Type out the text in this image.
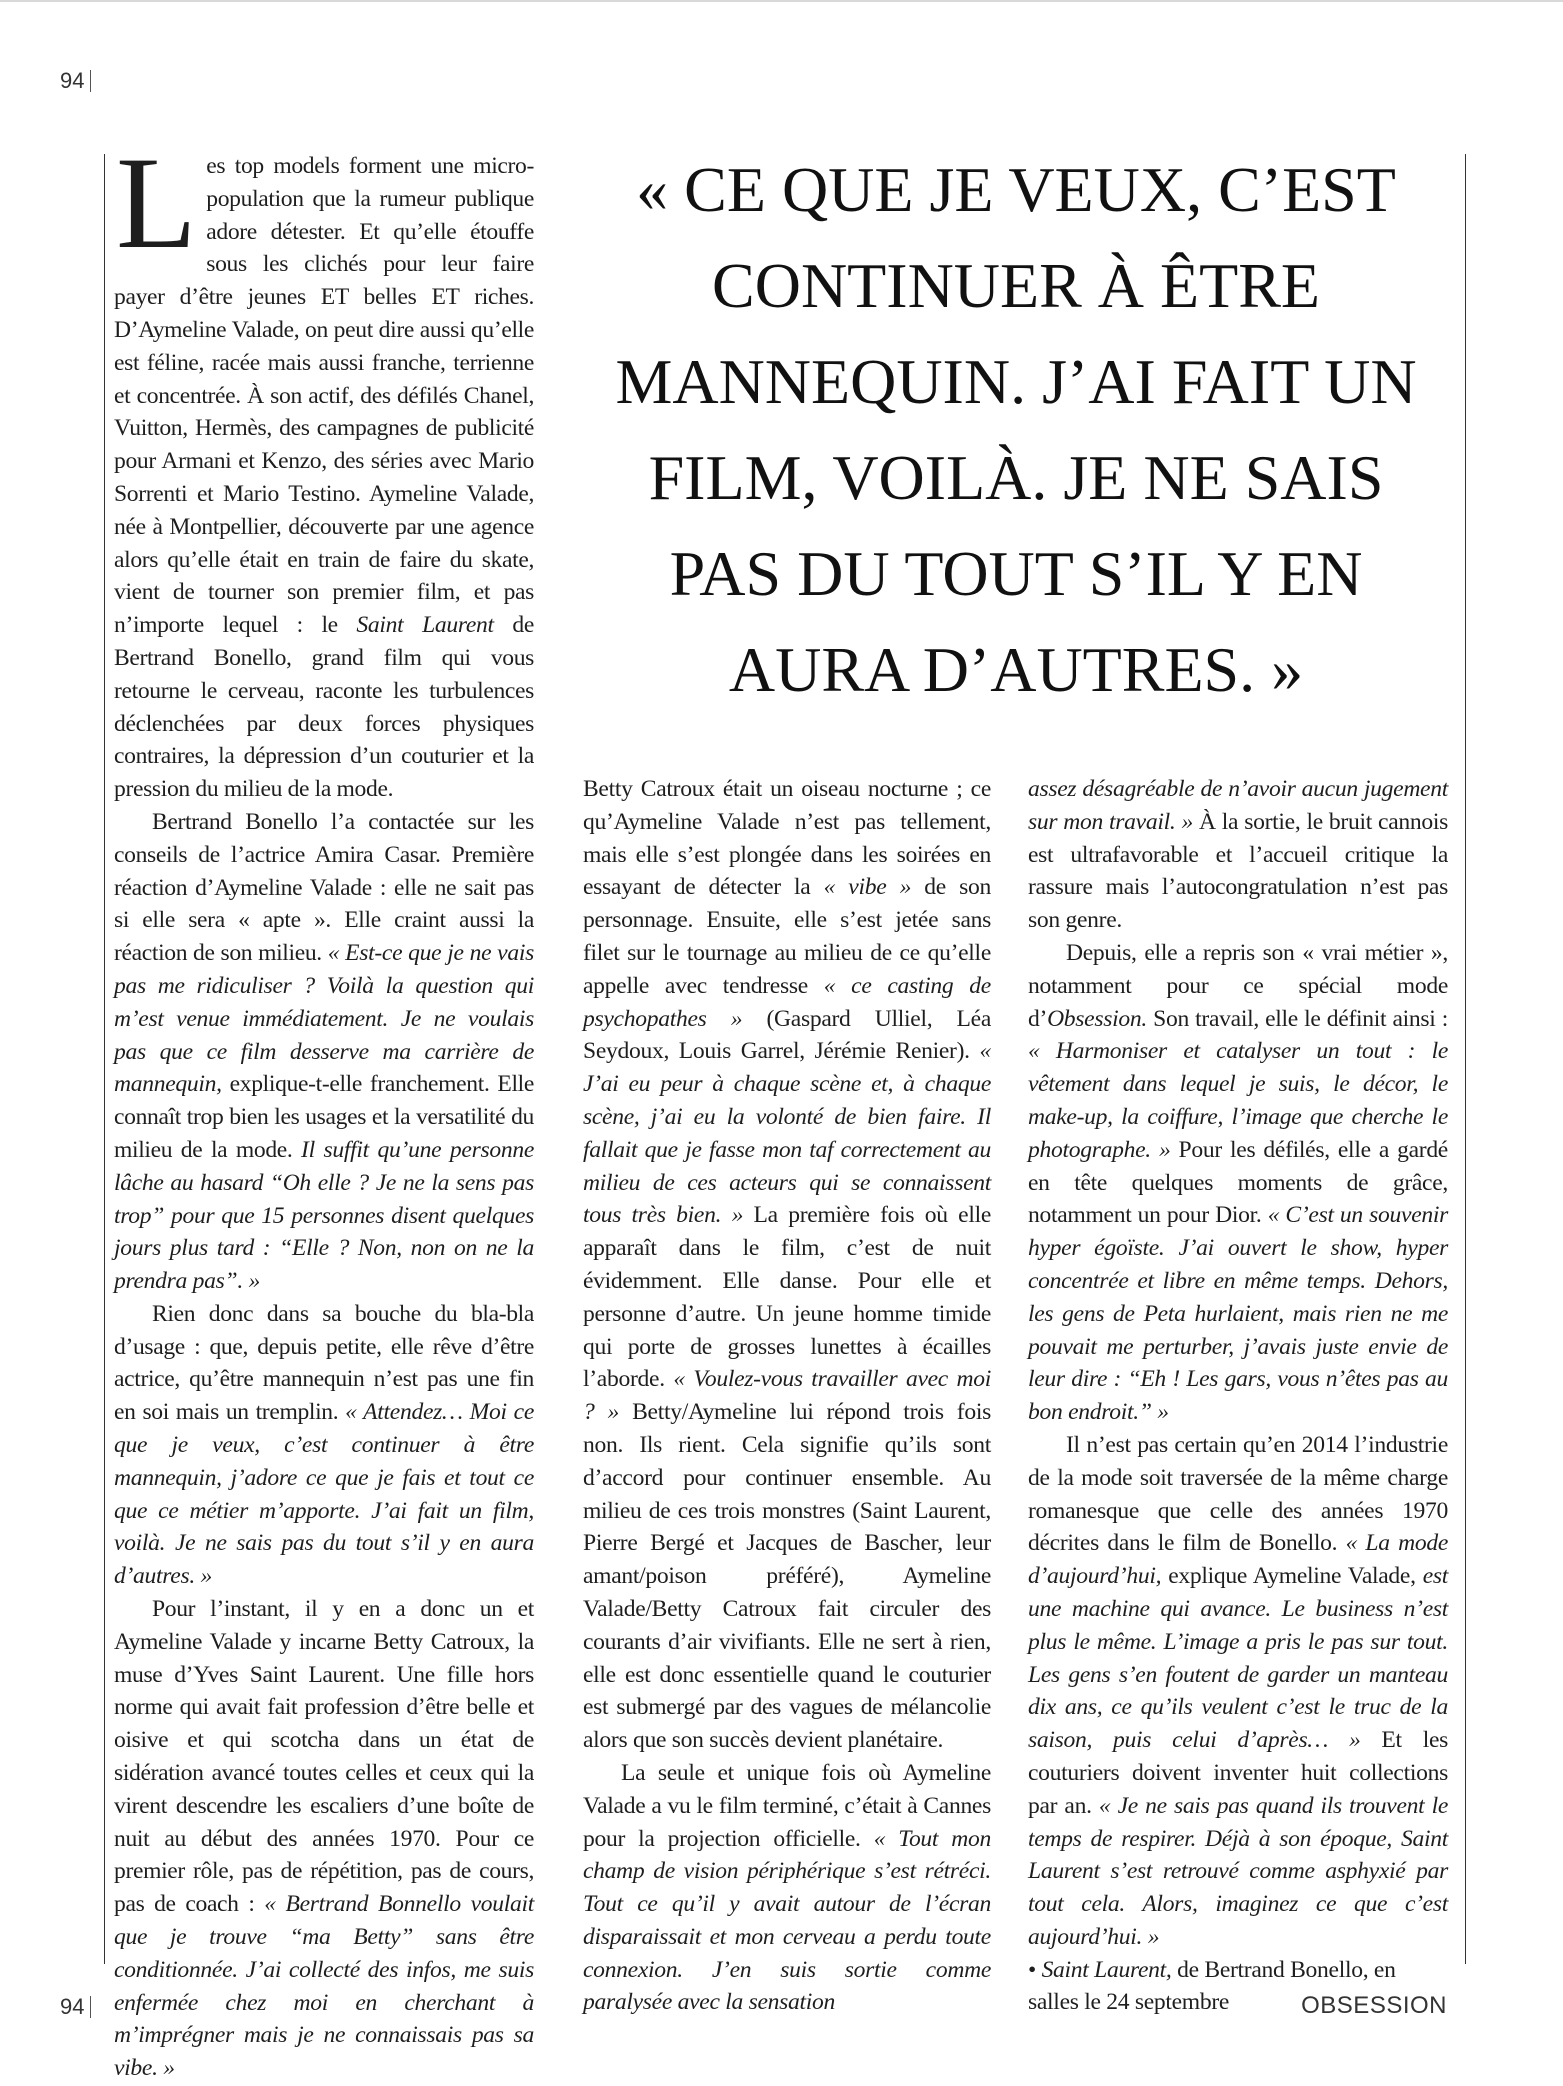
94
« CE QUE JE VEUX, C’EST CONTINUER À ÊTRE MANNEQUIN. J’AI FAIT UN FILM, VOILÀ. JE NE SAIS PAS DU TOUT S’IL Y EN AURA D’AUTRES. »

Les top models forment une micro-population que la rumeur publique adore détester. Et qu’elle étouffe sous les clichés pour leur faire payer d’être jeunes ET belles ET riches. D’Aymeline Valade, on peut dire aussi qu’elle est féline, racée mais aussi franche, terrienne et concentrée. À son actif, des défilés Chanel, Vuitton, Hermès, des campagnes de publicité pour Armani et Kenzo, des séries avec Mario Sorrenti et Mario Testino. Aymeline Valade, née à Montpellier, découverte par une agence alors qu’elle était en train de faire du skate, vient de tourner son premier film, et pas n’importe lequel : le Saint Laurent de Bertrand Bonello, grand film qui vous retourne le cerveau, raconte les turbulences déclenchées par deux forces physiques contraires, la dépression d’un couturier et la pression du milieu de la mode.

Bertrand Bonello l’a contactée sur les conseils de l’actrice Amira Casar. Première réaction d’Aymeline Valade : elle ne sait pas si elle sera « apte ». Elle craint aussi la réaction de son milieu. « Est-ce que je ne vais pas me ridiculiser ? Voilà la question qui m’est venue immédiatement. Je ne voulais pas que ce film desserve ma carrière de mannequin, explique-t-elle franchement. Elle connaît trop bien les usages et la versatilité du milieu de la mode. Il suffit qu’une personne lâche au hasard “Oh elle ? Je ne la sens pas trop” pour que 15 personnes disent quelques jours plus tard : “Elle ? Non, non on ne la prendra pas”. »

Rien donc dans sa bouche du bla-bla d’usage : que, depuis petite, elle rêve d’être actrice, qu’être mannequin n’est pas une fin en soi mais un tremplin. « Attendez… Moi ce que je veux, c’est continuer à être mannequin, j’adore ce que je fais et tout ce que ce métier m’apporte. J’ai fait un film, voilà. Je ne sais pas du tout s’il y en aura d’autres. »

Pour l’instant, il y en a donc un et Aymeline Valade y incarne Betty Catroux, la muse d’Yves Saint Laurent. Une fille hors norme qui avait fait profession d’être belle et oisive et qui scotcha dans un état de sidération avancé toutes celles et ceux qui la virent descendre les escaliers d’une boîte de nuit au début des années 1970. Pour ce premier rôle, pas de répétition, pas de cours, pas de coach : « Bertrand Bonnello voulait que je trouve “ma Betty” sans être conditionnée. J’ai collecté des infos, me suis enfermée chez moi en cherchant à m’imprégner mais je ne connaissais pas sa vibe. »

Betty Catroux était un oiseau nocturne ; ce qu’Aymeline Valade n’est pas tellement, mais elle s’est plongée dans les soirées en essayant de détecter la « vibe » de son personnage. Ensuite, elle s’est jetée sans filet sur le tournage au milieu de ce qu’elle appelle avec tendresse « ce casting de psychopathes » (Gaspard Ulliel, Léa Seydoux, Louis Garrel, Jérémie Renier). « J’ai eu peur à chaque scène et, à chaque scène, j’ai eu la volonté de bien faire. Il fallait que je fasse mon taf correctement au milieu de ces acteurs qui se connaissent tous très bien. » La première fois où elle apparaît dans le film, c’est de nuit évidemment. Elle danse. Pour elle et personne d’autre. Un jeune homme timide qui porte de grosses lunettes à écailles l’aborde. « Voulez-vous travailler avec moi ? » Betty/Aymeline lui répond trois fois non. Ils rient. Cela signifie qu’ils sont d’accord pour continuer ensemble. Au milieu de ces trois monstres (Saint Laurent, Pierre Bergé et Jacques de Bascher, leur amant/poison préféré), Aymeline Valade/Betty Catroux fait circuler des courants d’air vivifiants. Elle ne sert à rien, elle est donc essentielle quand le couturier est submergé par des vagues de mélancolie alors que son succès devient planétaire.

La seule et unique fois où Aymeline Valade a vu le film terminé, c’était à Cannes pour la projection officielle. « Tout mon champ de vision périphérique s’est rétréci. Tout ce qu’il y avait autour de l’écran disparaissait et mon cerveau a perdu toute connexion. J’en suis sortie comme paralysée avec la sensation

assez désagréable de n’avoir aucun jugement sur mon travail. » À la sortie, le bruit cannois est ultrafavorable et l’accueil critique la rassure mais l’autocongratulation n’est pas son genre.

Depuis, elle a repris son « vrai métier », notamment pour ce spécial mode d’Obsession. Son travail, elle le définit ainsi : « Harmoniser et catalyser un tout : le vêtement dans lequel je suis, le décor, le make-up, la coiffure, l’image que cherche le photographe. » Pour les défilés, elle a gardé en tête quelques moments de grâce, notamment un pour Dior. « C’est un souvenir hyper égoïste. J’ai ouvert le show, hyper concentrée et libre en même temps. Dehors, les gens de Peta hurlaient, mais rien ne me pouvait me perturber, j’avais juste envie de leur dire : “Eh ! Les gars, vous n’êtes pas au bon endroit.” »

Il n’est pas certain qu’en 2014 l’industrie de la mode soit traversée de la même charge romanesque que celle des années 1970 décrites dans le film de Bonello. « La mode d’aujourd’hui, explique Aymeline Valade, est une machine qui avance. Le business n’est plus le même. L’image a pris le pas sur tout. Les gens s’en foutent de garder un manteau dix ans, ce qu’ils veulent c’est le truc de la saison, puis celui d’après… » Et les couturiers doivent inventer huit collections par an. « Je ne sais pas quand ils trouvent le temps de respirer. Déjà à son époque, Saint Laurent s’est retrouvé comme asphyxié par tout cela. Alors, imaginez ce que c’est aujourd’hui. »

• Saint Laurent, de Bertrand Bonello, en salles le 24 septembre

94	OBSESSION
